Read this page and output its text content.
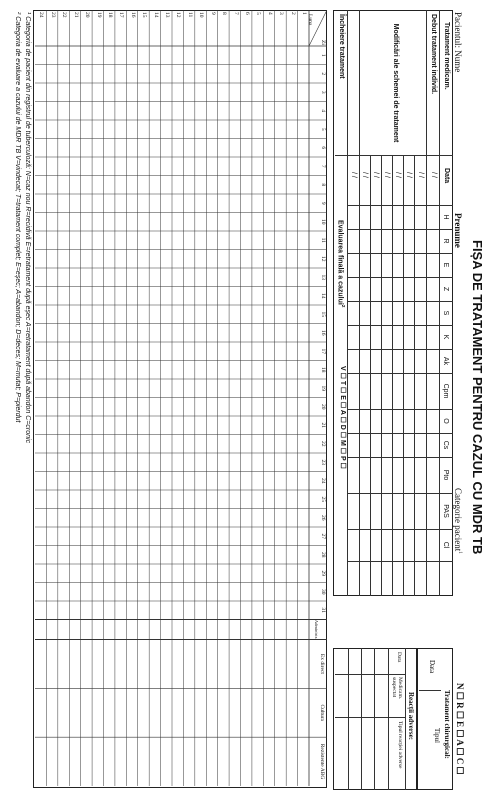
FIȘA DE TRATAMENT PENTRU CAZUL CU MDR TB
Pacientul: Nume
Prenume
Categorie pacient$^1$
N ☐ R ☐ E ☐ A ☐ C ☐
Tratament medicam.
Data
H
R
E
Z
S
K
Ak
Cpm
O
Cs
Pto
PAS
Cl
Debut tratament individ.
/ /
Modificări ale schemei de tratament
/ /
/ /
/ /
/ /
/ /
/ /
Încheiere tratament
/ /
Evaluarea finală a cazului$^2$
V ☐ T ☐ E ☐ A ☐ D ☐ M ☐ P ☐
Tratament chirurgical:
Data
Tipul
Reacții adverse:
Data
Medicam. suspectat
Tipul reacției adverse
Zi
Luna
1
2
3
4
5
6
7
8
9
10
11
12
13
14
15
16
17
18
19
20
21
22
23
24
25
26
27
28
29
30
31
1
2
3
4
5
6
7
8
9
10
11
12
13
14
15
16
17
18
19
20
21
22
23
24
Administr.
Ex direct
Cultura
Rezistente ABG
¹ Categoria de pacient din registrul de tuberculoză: N=caz nou R=recidivă E=retratament după eșec A=retratament după abandon C=cronic
² Categoria de evaluare a cazului de MDR TB V=vindecat; T=tratament complet; E=eșec; A=abandon; D=deces; M=mutat; P=pierdut
